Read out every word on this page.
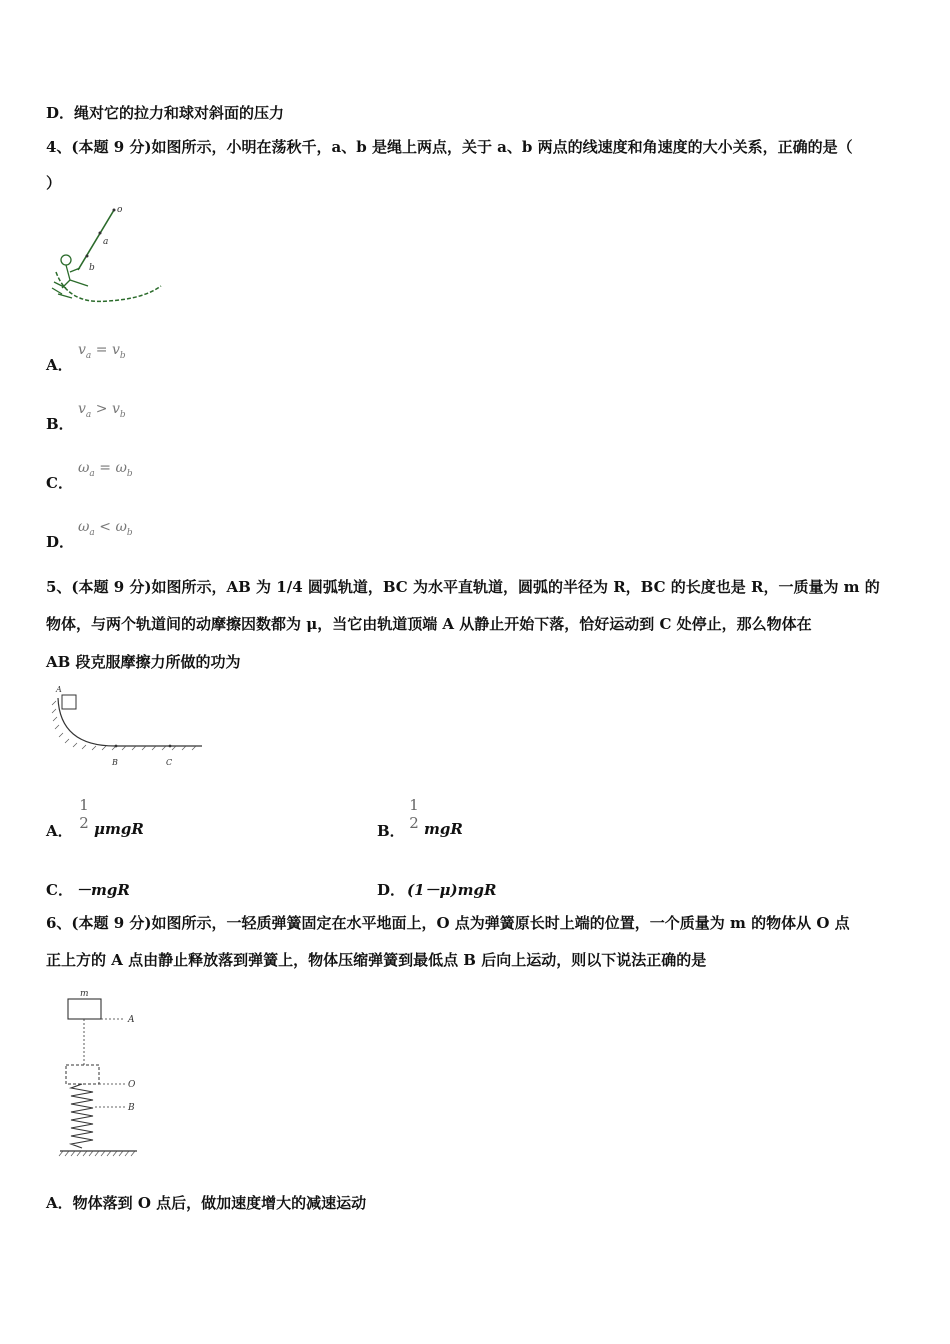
D．绳对它的拉力和球对斜面的压力
4、(本题 9 分)如图所示，小明在荡秋千，a、b 是绳上两点，关于 a、b 两点的线速度和角速度的大小关系，正确的是（
）
o
a
b
A．
$v_a = v_b$
B．
$v_a > v_b$
C．
$\omega_a = \omega_b$
D．
$\omega_a < \omega_b$
5、(本题 9 分)如图所示，AB 为 1/4 圆弧轨道，BC 为水平直轨道，圆弧的半径为 R，BC 的长度也是 R，一质量为 m 的
物体，与两个轨道间的动摩擦因数都为 μ，当它由轨道顶端 A 从静止开始下落，恰好运动到 C 处停止，那么物体在
AB 段克服摩擦力所做的功为
A
B	C
A．
1
2 μmgR	B．
1
2 mgR
C． －mgR	D． (1－μ)mgR
6、(本题 9 分)如图所示，一轻质弹簧固定在水平地面上，O 点为弹簧原长时上端的位置，一个质量为 m 的物体从 O 点
正上方的 A 点由静止释放落到弹簧上，物体压缩弹簧到最低点 B 后向上运动，则以下说法正确的是
m
A
O
B
A．物体落到 O 点后，做加速度增大的减速运动
